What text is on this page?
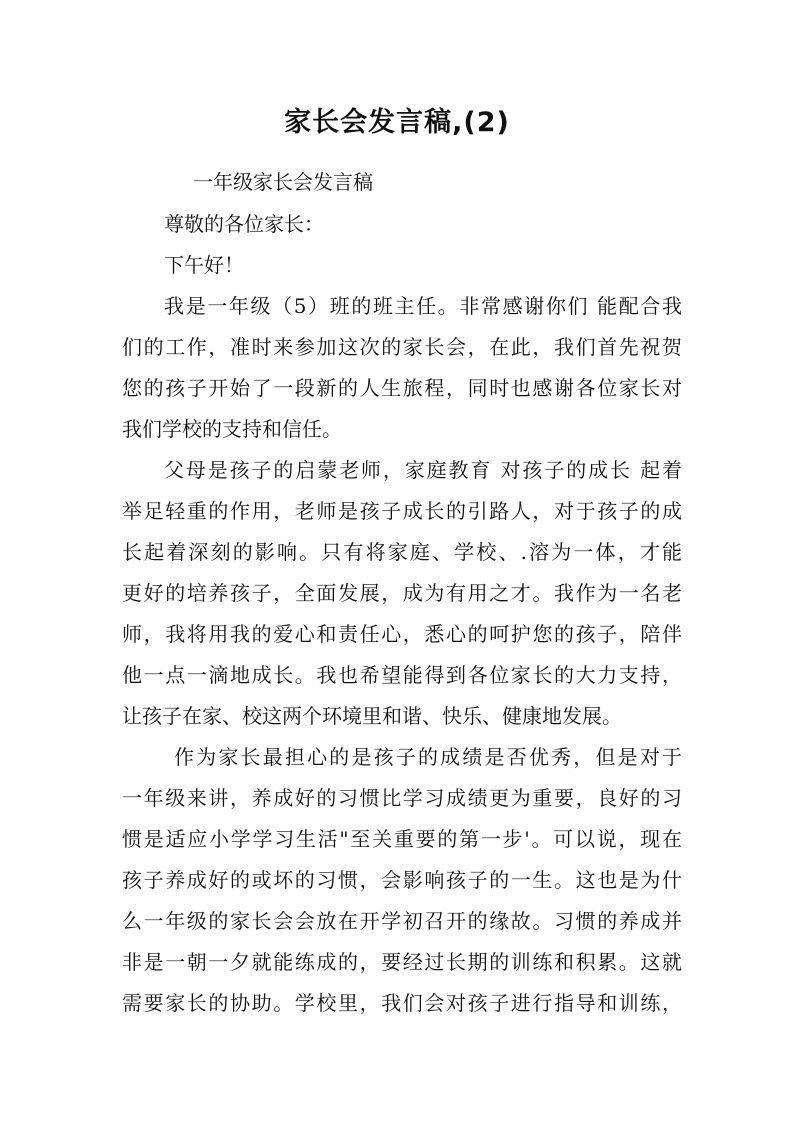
家长会发言稿,(2)

一年级家长会发言稿

尊敬的各位家长：

下午好！

我是一年级（5）班的班主任。非常感谢你们 能配合我

们的工作，准时来参加这次的家长会，在此，我们首先祝贺

您的孩子开始了一段新的人生旅程，同时也感谢各位家长对

我们学校的支持和信任。

父母是孩子的启蒙老师，家庭教育 对孩子的成长 起着

举足轻重的作用，老师是孩子成长的引路人，对于孩子的成

长起着深刻的影响。只有将家庭、学校、.溶为一体，才能

更好的培养孩子，全面发展，成为有用之才。我作为一名老

师，我将用我的爱心和责任心，悉心的呵护您的孩子，陪伴

他一点一滴地成长。我也希望能得到各位家长的大力支持，

让孩子在家、校这两个环境里和谐、快乐、健康地发展。

作为家长最担心的是孩子的成绩是否优秀，但是对于

一年级来讲，养成好的习惯比学习成绩更为重要，良好的习

惯是适应小学学习生活"至关重要的第一步'。可以说，现在

孩子养成好的或坏的习惯，会影响孩子的一生。这也是为什

么一年级的家长会会放在开学初召开的缘故。习惯的养成并

非是一朝一夕就能练成的，要经过长期的训练和积累。这就

需要家长的协助。学校里，我们会对孩子进行指导和训练，
